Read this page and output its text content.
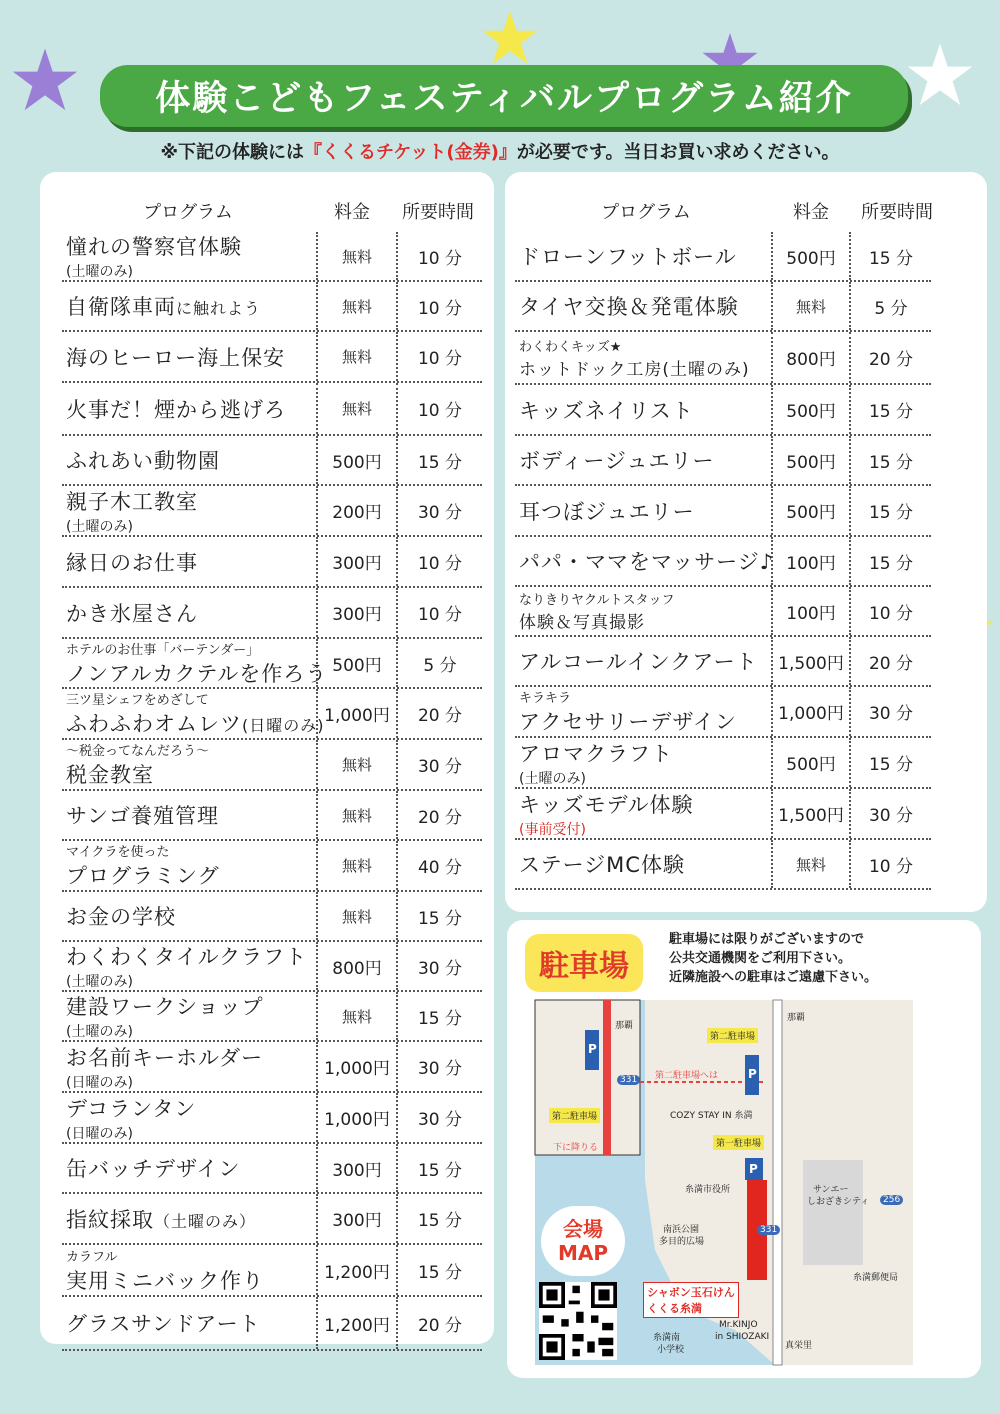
体験こどもフェスティバルプログラム紹介
※下記の体験には『くくるチケット(金券)』が必要です。当日お買い求めください。
プログラム	料金	所要時間
憧れの警察官体験
(土曜のみ)
無料	10 分
自衛隊車両に触れよう	無料	10 分
海のヒーロー海上保安	無料	10 分
火事だ！煙から逃げろ	無料	10 分
ふれあい動物園	500円	15 分
親子木工教室
(土曜のみ)
200円	30 分
縁日のお仕事	300円	10 分
かき氷屋さん	300円	10 分
ホテルのお仕事「バーテンダー」
ノンアルカクテルを作ろう 500円	5 分
三ツ星シェフをめざして
ふわふわオムレツ(日曜のみ) 1,000円	20 分
～税金ってなんだろう～
税金教室	無料	30 分
サンゴ養殖管理	無料	20 分
マイクラを使った
プログラミング	無料	40 分
お金の学校	無料	15 分
わくわくタイルクラフト
(土曜のみ)
800円	30 分
建設ワークショップ
(土曜のみ)
無料	15 分
お名前キーホルダー
(日曜のみ)
1,000円	30 分
デコランタン
(日曜のみ)
1,000円	30 分
缶バッチデザイン	300円	15 分
指紋採取（土曜のみ）	300円	15 分
カラフル
実用ミニバック作り	1,200円	15 分
グラスサンドアート	1,200円	20 分
プログラム	料金	所要時間
ドローンフットボール	500円	15 分
タイヤ交換＆発電体験	無料	5 分
わくわくキッズ★
ホットドック工房(土曜のみ)	800円	20 分
キッズネイリスト	500円	15 分
ボディージュエリー	500円	15 分
耳つぼジュエリー	500円	15 分
パパ・ママをマッサージ♪ 100円	15 分
なりきりヤクルトスタッフ
体験＆写真撮影	100円	10 分
アルコールインクアート	1,500円	20 分
キラキラ
アクセサリーデザイン	1,000円	30 分
アロマクラフト
(土曜のみ)
500円	15 分
キッズモデル体験
(事前受付)
1,500円	30 分
ステージMC体験	無料	10 分
駐車場
駐車場には限りがございますので
公共交通機関をご利用下さい。
近隣施設への駐車はご遠慮下さい。
那覇
那覇
331
331
256
第二駐車場
第二駐車場
第二駐車場へは
COZY STAY IN 糸満
第一駐車場
下に降りる
糸満市役所	サンエー
しおざきシティ
南浜公園
多目的広場
糸満郵便局
シャボン玉石けん
くくる糸満
Mr.KINJO
in SHIOZAKI
糸満南
小学校	真栄里
P
P
P
会場
MAP
